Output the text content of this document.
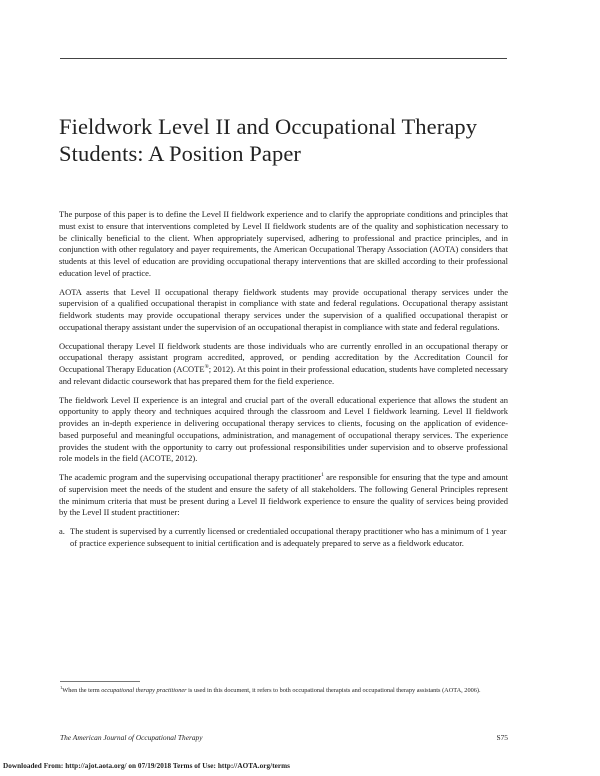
Fieldwork Level II and Occupational Therapy
Students: A Position Paper

The purpose of this paper is to define the Level II fieldwork experience and to clarify the appropriate conditions and principles that must exist to ensure that interventions completed by Level II fieldwork students are of the quality and sophistication necessary to be clinically beneficial to the client. When appropriately supervised, adhering to professional and practice principles, and in conjunction with other regulatory and payer requirements, the American Occupational Therapy Association (AOTA) considers that students at this level of education are providing occupational therapy interventions that are skilled according to their professional education level of practice.

AOTA asserts that Level II occupational therapy fieldwork students may provide occupational therapy services under the supervision of a qualified occupational therapist in compliance with state and federal regulations. Occupational therapy assistant fieldwork students may provide occupational therapy services under the supervision of a qualified occupational therapist or occupational therapy assistant under the supervision of an occupational therapist in compliance with state and federal regulations.

Occupational therapy Level II fieldwork students are those individuals who are currently enrolled in an occupational therapy or occupational therapy assistant program accredited, approved, or pending accreditation by the Accreditation Council for Occupational Therapy Education (ACOTE®; 2012). At this point in their professional education, students have completed necessary and relevant didactic coursework that has prepared them for the field experience.

The fieldwork Level II experience is an integral and crucial part of the overall educational experience that allows the student an opportunity to apply theory and techniques acquired through the classroom and Level I fieldwork learning. Level II fieldwork provides an in-depth experience in delivering occupational therapy services to clients, focusing on the application of evidence-based purposeful and meaningful occupations, administration, and management of occupational therapy services. The experience provides the student with the opportunity to carry out professional responsibilities under supervision and to observe professional role models in the field (ACOTE, 2012).

The academic program and the supervising occupational therapy practitioner$^1$ are responsible for ensuring that the type and amount of supervision meet the needs of the student and ensure the safety of all stakeholders. The following General Principles represent the minimum criteria that must be present during a Level II fieldwork experience to ensure the quality of services being provided by the Level II student practitioner:

a. The student is supervised by a currently licensed or credentialed occupational therapy practitioner who has a minimum of 1 year of practice experience subsequent to initial certification and is adequately prepared to serve as a fieldwork educator.
$^1$When the term occupational therapy practitioner is used in this document, it refers to both occupational therapists and occupational therapy assistants (AOTA, 2006).
The American Journal of Occupational Therapy	S75
Downloaded From: http://ajot.aota.org/ on 07/19/2018 Terms of Use: http://AOTA.org/terms
